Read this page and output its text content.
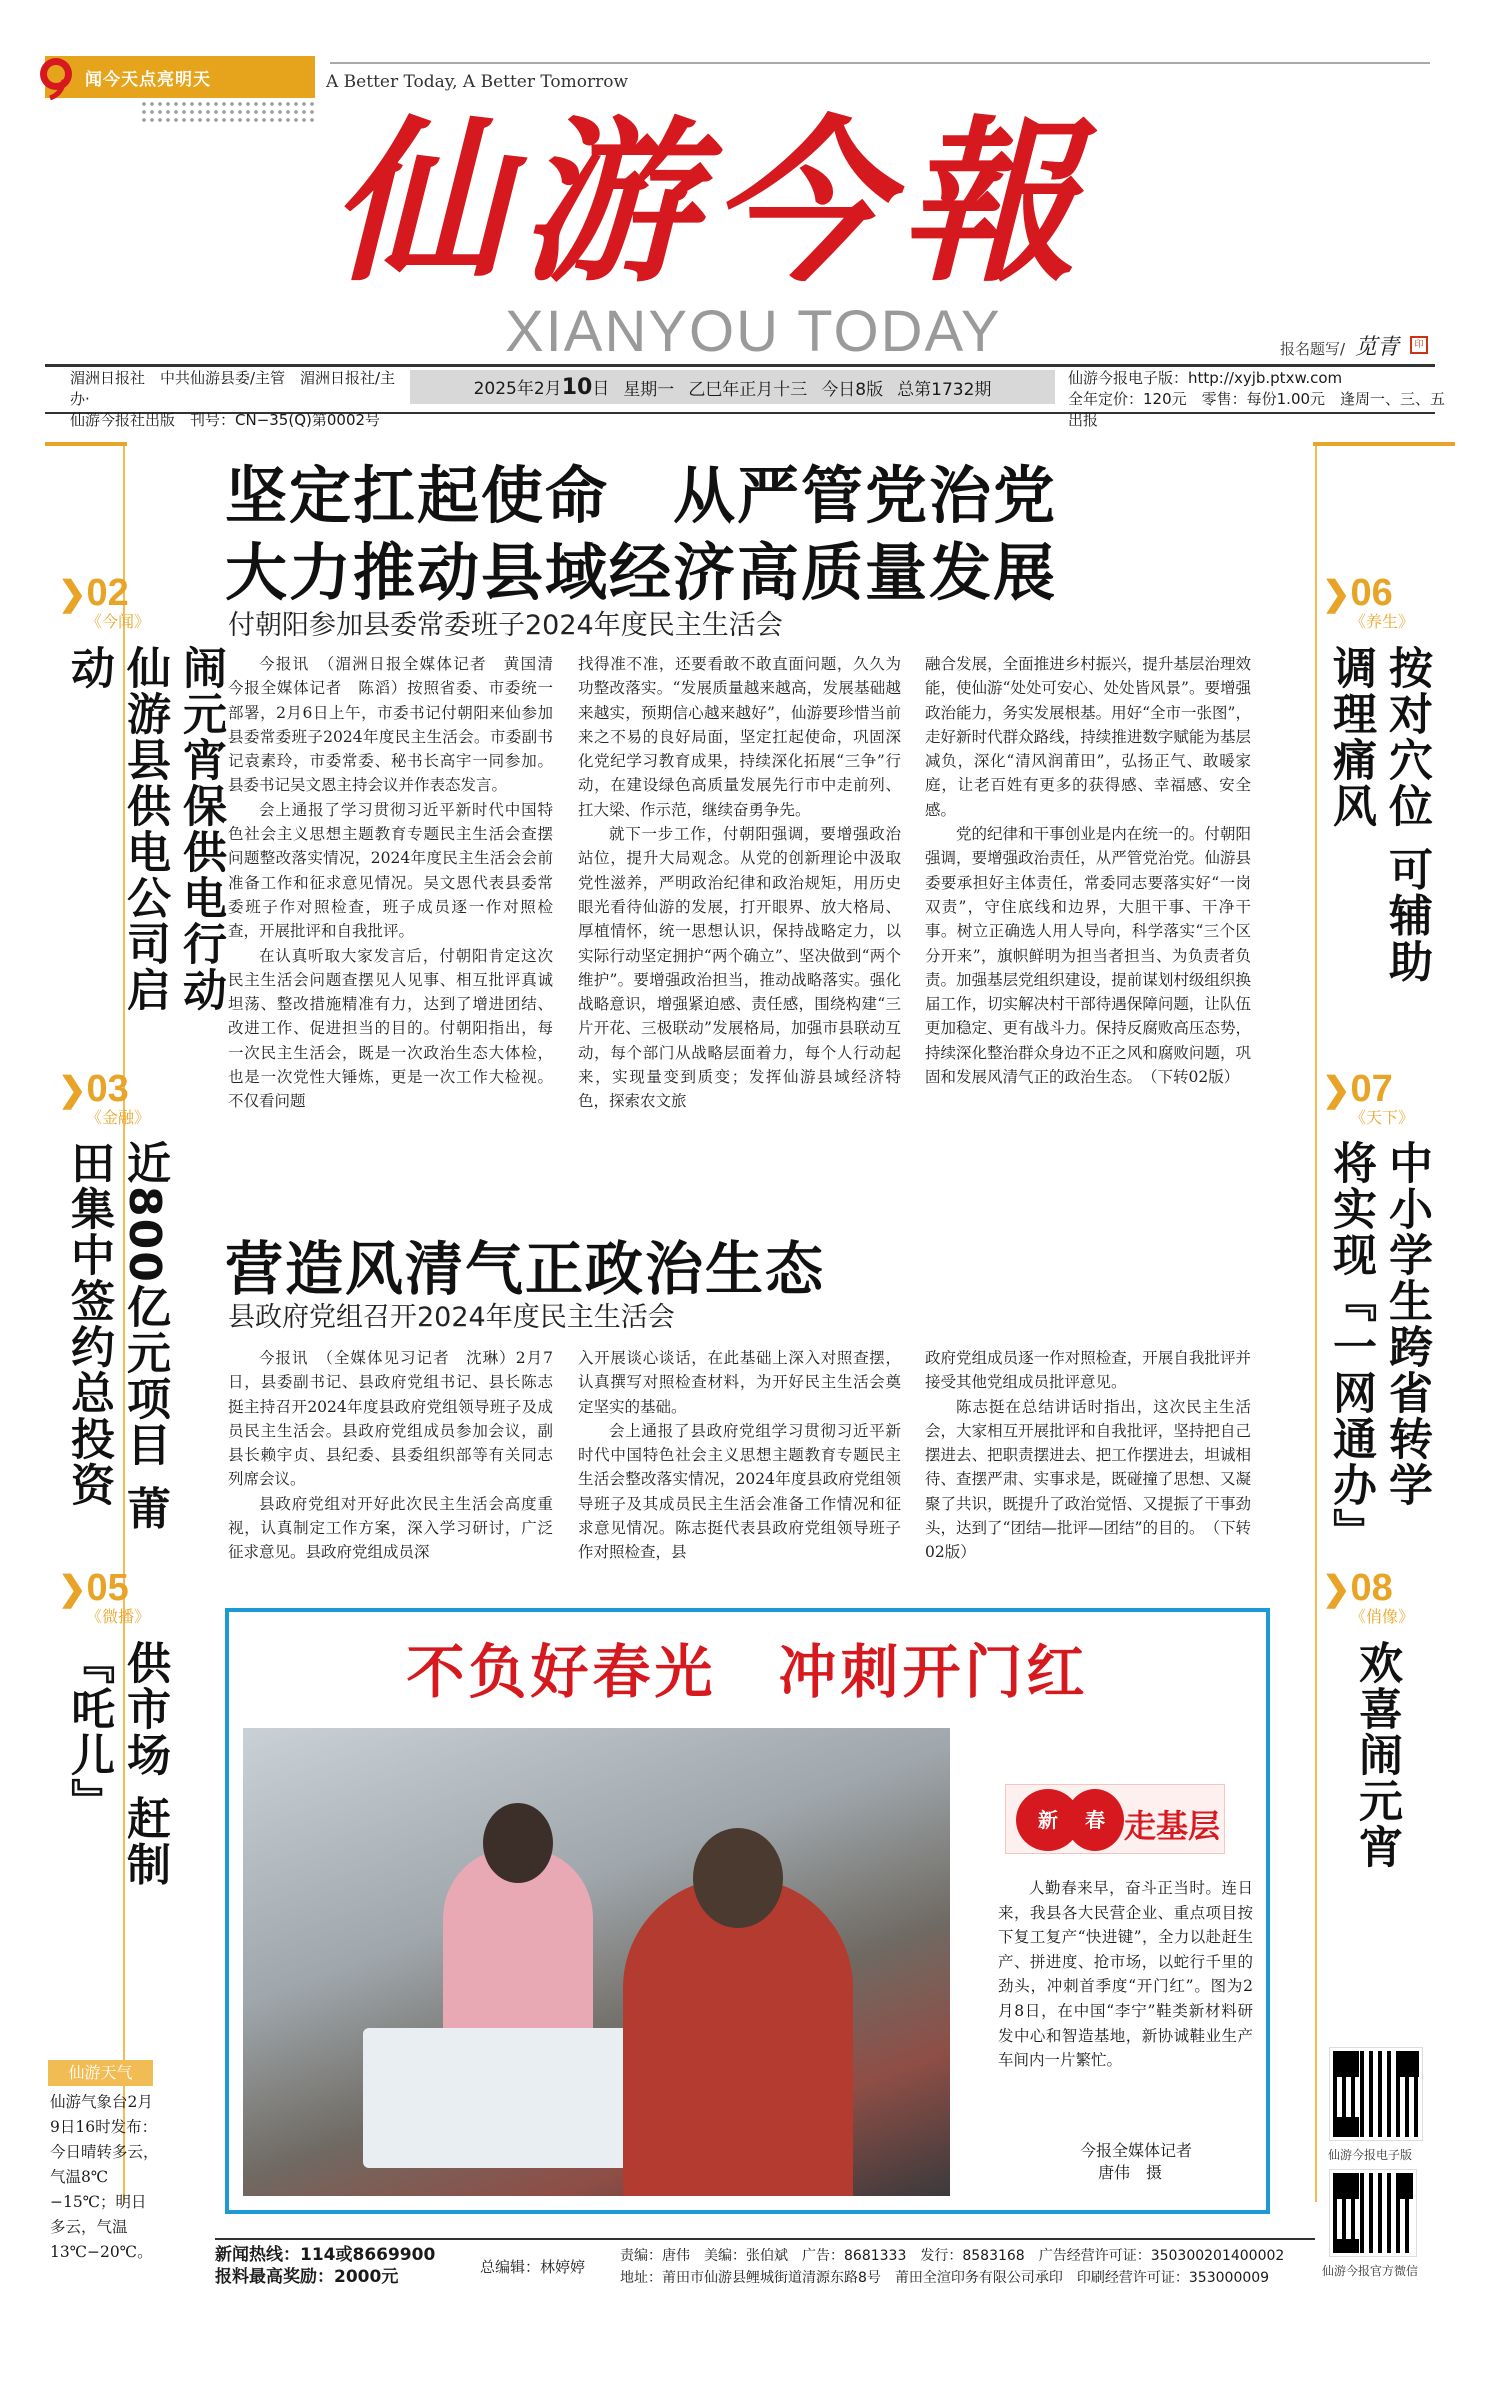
闻今天点亮明天	A Better Today, A Better Tomorrow
仙游今報
XIANYOU TODAY	报名题写/ 苋青	印
湄洲日报社　中共仙游县委/主管　湄洲日报社/主办·
仙游今报社出版　刊号：CN−35(Q)第0002号
2025年2月10日 星期一 乙巳年正月十三 今日8版 总第1732期
仙游今报电子版：http://xyjb.ptxw.com
全年定价：120元　零售：每份1.00元　逢周一、三、五出报
❯02
《今闻》
闹元宵保供电行动 仙游县供电公司启动
❯03
《金融》
近800亿元项目 莆田集中签约总投资
❯05
《微播》
供市场 赶制『吒儿』
仙游天气
仙游气象台2月9日16时发布：今日晴转多云，气温8℃−15℃；明日多云，气温13℃−20℃。
❯06
《养生》
按对穴位 可辅助调理痛风
❯07
《天下》
中小学生跨省转学 将实现『一网通办』
❯08
《俏像》
欢喜闹元宵
仙游今报电子版
仙游今报官方微信
坚定扛起使命　从严管党治党
大力推动县域经济高质量发展
付朝阳参加县委常委班子2024年度民主生活会

今报讯　（湄洲日报全媒体记者　黄国清　今报全媒体记者　陈滔）按照省委、市委统一部署，2月6日上午，市委书记付朝阳来仙参加县委常委班子2024年度民主生活会。市委副书记袁素玲，市委常委、秘书长高宇一同参加。县委书记吴文恩主持会议并作表态发言。

会上通报了学习贯彻习近平新时代中国特色社会主义思想主题教育专题民主生活会查摆问题整改落实情况，2024年度民主生活会会前准备工作和征求意见情况。吴文恩代表县委常委班子作对照检查，班子成员逐一作对照检查，开展批评和自我批评。

在认真听取大家发言后，付朝阳肯定这次民主生活会问题查摆见人见事、相互批评真诚坦荡、整改措施精准有力，达到了增进团结、改进工作、促进担当的目的。付朝阳指出，每一次民主生活会，既是一次政治生态大体检，也是一次党性大锤炼，更是一次工作大检视。不仅看问题

找得准不准，还要看敢不敢直面问题，久久为功整改落实。“发展质量越来越高，发展基础越来越实，预期信心越来越好”，仙游要珍惜当前来之不易的良好局面，坚定扛起使命，巩固深化党纪学习教育成果，持续深化拓展“三争”行动，在建设绿色高质量发展先行市中走前列、扛大梁、作示范，继续奋勇争先。

就下一步工作，付朝阳强调，要增强政治站位，提升大局观念。从党的创新理论中汲取党性滋养，严明政治纪律和政治规矩，用历史眼光看待仙游的发展，打开眼界、放大格局、厚植情怀，统一思想认识，保持战略定力，以实际行动坚定拥护“两个确立”、坚决做到“两个维护”。要增强政治担当，推动战略落实。强化战略意识，增强紧迫感、责任感，围绕构建“三片开花、三极联动”发展格局，加强市县联动互动，每个部门从战略层面着力，每个人行动起来，实现量变到质变；发挥仙游县域经济特色，探索农文旅

融合发展，全面推进乡村振兴，提升基层治理效能，使仙游“处处可安心、处处皆风景”。要增强政治能力，务实发展根基。用好“全市一张图”，走好新时代群众路线，持续推进数字赋能为基层减负，深化“清风润莆田”，弘扬正气、敢暖家庭，让老百姓有更多的获得感、幸福感、安全感。

党的纪律和干事创业是内在统一的。付朝阳强调，要增强政治责任，从严管党治党。仙游县委要承担好主体责任，常委同志要落实好“一岗双责”，守住底线和边界，大胆干事、干净干事。树立正确选人用人导向，科学落实“三个区分开来”，旗帜鲜明为担当者担当、为负责者负责。加强基层党组织建设，提前谋划村级组织换届工作，切实解决村干部待遇保障问题，让队伍更加稳定、更有战斗力。保持反腐败高压态势，持续深化整治群众身边不正之风和腐败问题，巩固和发展风清气正的政治生态。　（下转02版）

营造风清气正政治生态
县政府党组召开2024年度民主生活会

今报讯　（全媒体见习记者　沈琳）2月7日，县委副书记、县政府党组书记、县长陈志挺主持召开2024年度县政府党组领导班子及成员民主生活会。县政府党组成员参加会议，副县长赖宇贞、县纪委、县委组织部等有关同志列席会议。

县政府党组对开好此次民主生活会高度重视，认真制定工作方案，深入学习研讨，广泛征求意见。县政府党组成员深

入开展谈心谈话，在此基础上深入对照查摆，认真撰写对照检查材料，为开好民主生活会奠定坚实的基础。

会上通报了县政府党组学习贯彻习近平新时代中国特色社会主义思想主题教育专题民主生活会整改落实情况，2024年度县政府党组领导班子及其成员民主生活会准备工作情况和征求意见情况。陈志挺代表县政府党组领导班子作对照检查，县

政府党组成员逐一作对照检查，开展自我批评并接受其他党组成员批评意见。

陈志挺在总结讲话时指出，这次民主生活会，大家相互开展批评和自我批评，坚持把自己摆进去、把职责摆进去、把工作摆进去，坦诚相待、查摆严肃、实事求是，既碰撞了思想、又凝聚了共识，既提升了政治觉悟、又提振了干事劲头，达到了“团结—批评—团结”的目的。　（下转02版）

不负好春光　冲刺开门红
新	春 走基层
人勤春来早，奋斗正当时。连日来，我县各大民营企业、重点项目按下复工复产“快进键”，全力以赴赶生产、拼进度、抢市场，以蛇行千里的劲头，冲刺首季度“开门红”。图为2月8日，在中国“李宁”鞋类新材料研发中心和智造基地，新协诚鞋业生产车间内一片繁忙。
今报全媒体记者
唐伟　摄
新闻热线：114或8669900
报料最高奖励：2000元	总编辑：林婷婷
责编：唐伟　美编：张伯斌　广告：8681333　发行：8583168　广告经营许可证：350300201400002
地址：莆田市仙游县鲤城街道清源东路8号　莆田全渲印务有限公司承印　印刷经营许可证：353000009
